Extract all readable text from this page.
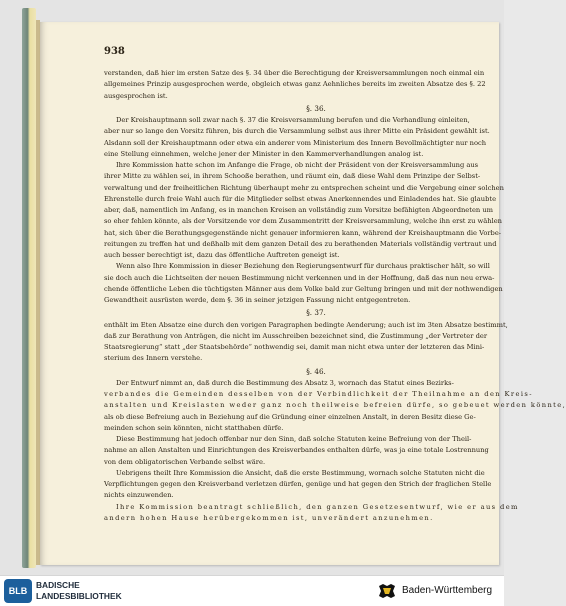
938
verstanden, daß hier im ersten Satze des §. 34 über die Berechtigung der Kreisversammlungen noch einmal ein
allgemeines Prinzip ausgesprochen werde, obgleich etwas ganz Aehnliches bereits im zweiten Absatze des §. 22
ausgesprochen ist.
§. 36.
Der Kreishauptmann soll zwar nach §. 37 die Kreisversammlung berufen und die Verhandlung einleiten,
aber nur so lange den Vorsitz führen, bis durch die Versammlung selbst aus ihrer Mitte ein Präsident gewählt ist.
Alsdann soll der Kreishauptmann oder etwa ein anderer vom Ministerium des Innern Bevollmächtigter nur noch
eine Stellung einnehmen, welche jener der Minister in den Kammerverhandlungen analog ist.
Ihre Kommission hatte schon im Anfange die Frage, ob nicht der Präsident von der Kreisversammlung aus
ihrer Mitte zu wählen sei, in ihrem Schooße berathen, und räumt ein, daß diese Wahl dem Prinzipe der Selbst-
verwaltung und der freiheitlichen Richtung überhaupt mehr zu entsprechen scheint und die Vergebung einer solchen
Ehrenstelle durch freie Wahl auch für die Mitglieder selbst etwas Anerkennendes und Einladendes hat. Sie glaubte
aber, daß, namentlich im Anfang, es in manchen Kreisen an vollständig zum Vorsitze befähigten Abgeordneten um
so eher fehlen könnte, als der Vorsitzende vor dem Zusammentritt der Kreisversammlung, welche ihn erst zu wählen
hat, sich über die Berathungsgegenstände nicht genauer informieren kann, während der Kreishauptmann die Vorbe-
reitungen zu treffen hat und deßhalb mit dem ganzen Detail des zu berathenden Materials vollständig vertraut und
auch besser berechtigt ist, dazu das öffentliche Auftreten geneigt ist.
Wenn also Ihre Kommission in dieser Beziehung den Regierungsentwurf für durchaus praktischer hält, so will
sie doch auch die Lichtseiten der neuen Bestimmung nicht verkennen und in der Hoffnung, daß das nun neu erwa-
chende öffentliche Leben die tüchtigsten Männer aus dem Volke bald zur Geltung bringen und mit der nothwendigen
Gewandtheit ausrüsten werde, dem §. 36 in seiner jetzigen Fassung nicht entgegentreten.
§. 37.
enthält im Eten Absatze eine durch den vorigen Paragraphen bedingte Aenderung; auch ist im 3ten Absatze bestimmt,
daß zur Berathung von Anträgen, die nicht im Ausschreiben bezeichnet sind, die Zustimmung „der Vertreter der
Staatsregierung“ statt „der Staatsbehörde“ nothwendig sei, damit man nicht etwa unter der letzteren das Mini-
sterium des Innern verstehe.
§. 46.
Der Entwurf nimmt an, daß durch die Bestimmung des Absatz 3, wornach das Statut eines Bezirks-
verbandes die Gemeinden desselben von der Verbindlichkeit der Theilnahme an den Kreis-
anstalten und Kreislasten weder ganz noch theilweise befreien dürfe, so gebeuet werden könnte,
als ob diese Befreiung auch in Beziehung auf die Gründung einer einzelnen Anstalt, in deren Besitz diese Ge-
meinden schon sein könnten, nicht statthaben dürfe.
Diese Bestimmung hat jedoch offenbar nur den Sinn, daß solche Statuten keine Befreiung von der Theil-
nahme an allen Anstalten und Einrichtungen des Kreisverbandes enthalten dürfe, was ja eine totale Lostrennung
von dem obligatorischen Verbande selbst wäre.
Uebrigens theilt Ihre Kommission die Ansicht, daß die erste Bestimmung, wornach solche Statuten nicht die
Verpflichtungen gegen den Kreisverband verletzen dürfen, genüge und hat gegen den Strich der fraglichen Stelle
nichts einzuwenden.
Ihre Kommission beantragt schließlich, den ganzen Gesetzesentwurf, wie er aus dem
andern hohen Hause herübergekommen ist, unverändert anzunehmen.
BLB
BADISCHE
LANDESBIBLIOTHEK	Baden-Württemberg
